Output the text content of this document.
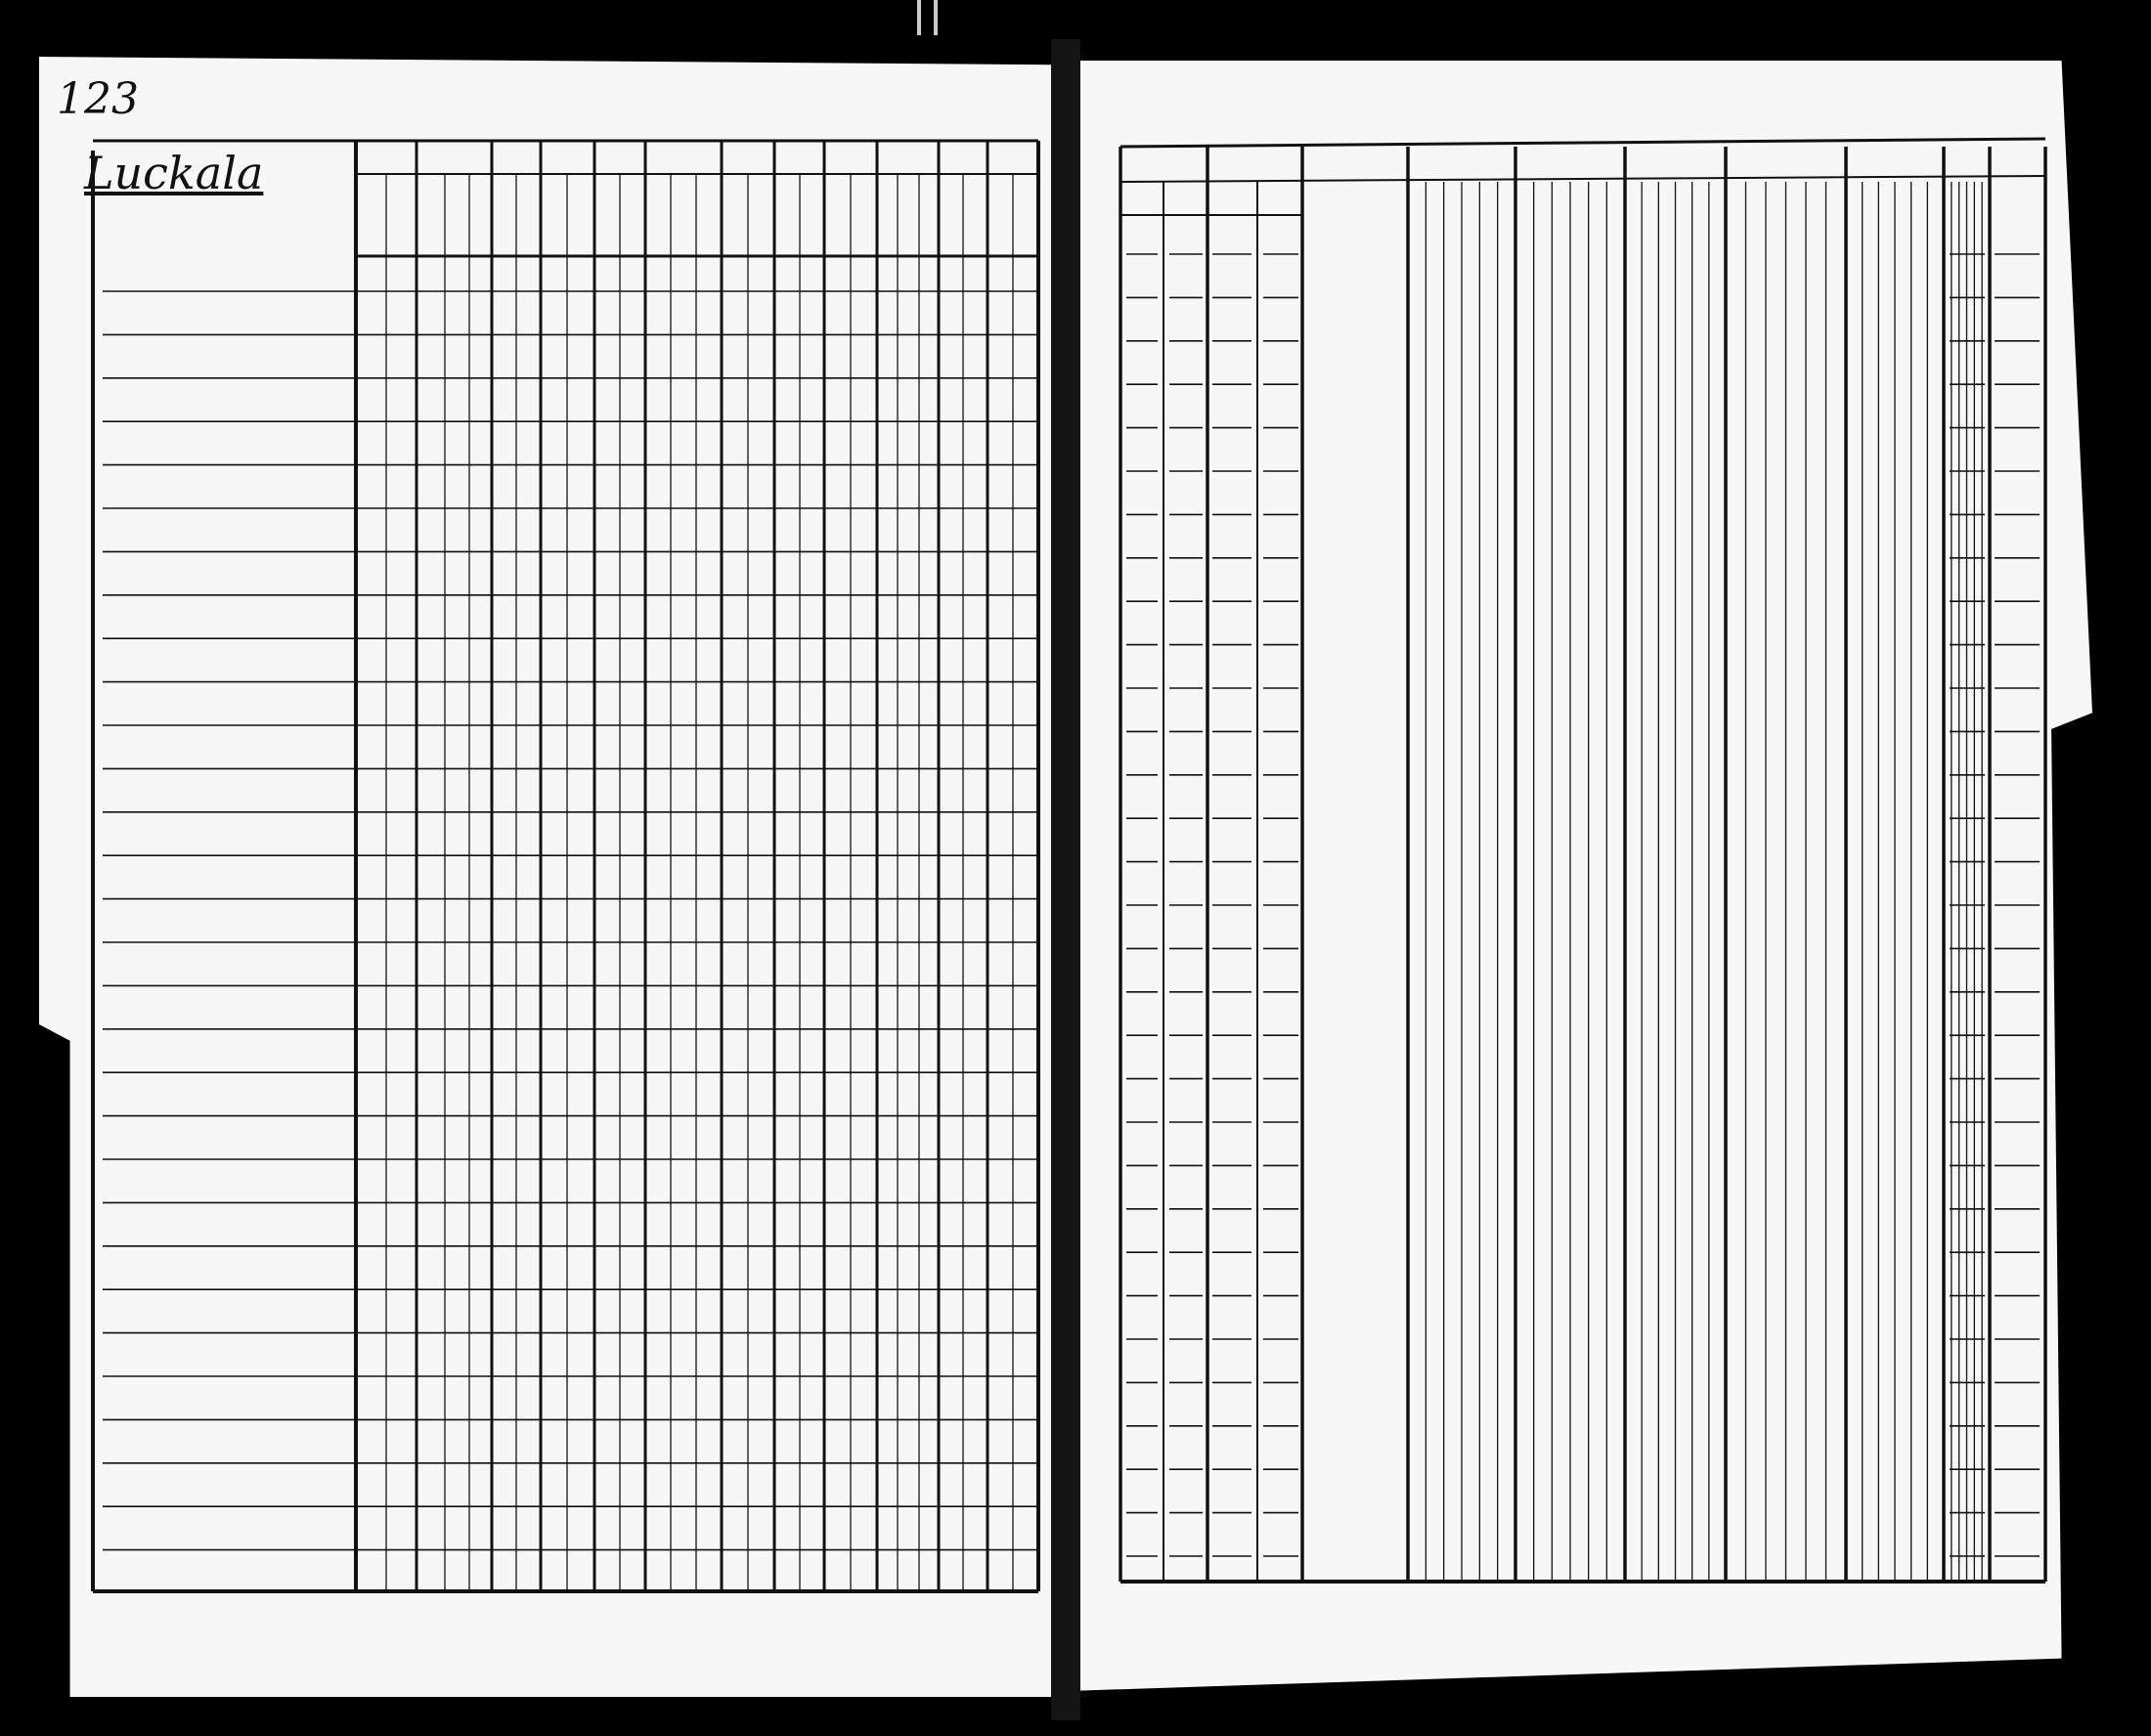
123
Luckala
